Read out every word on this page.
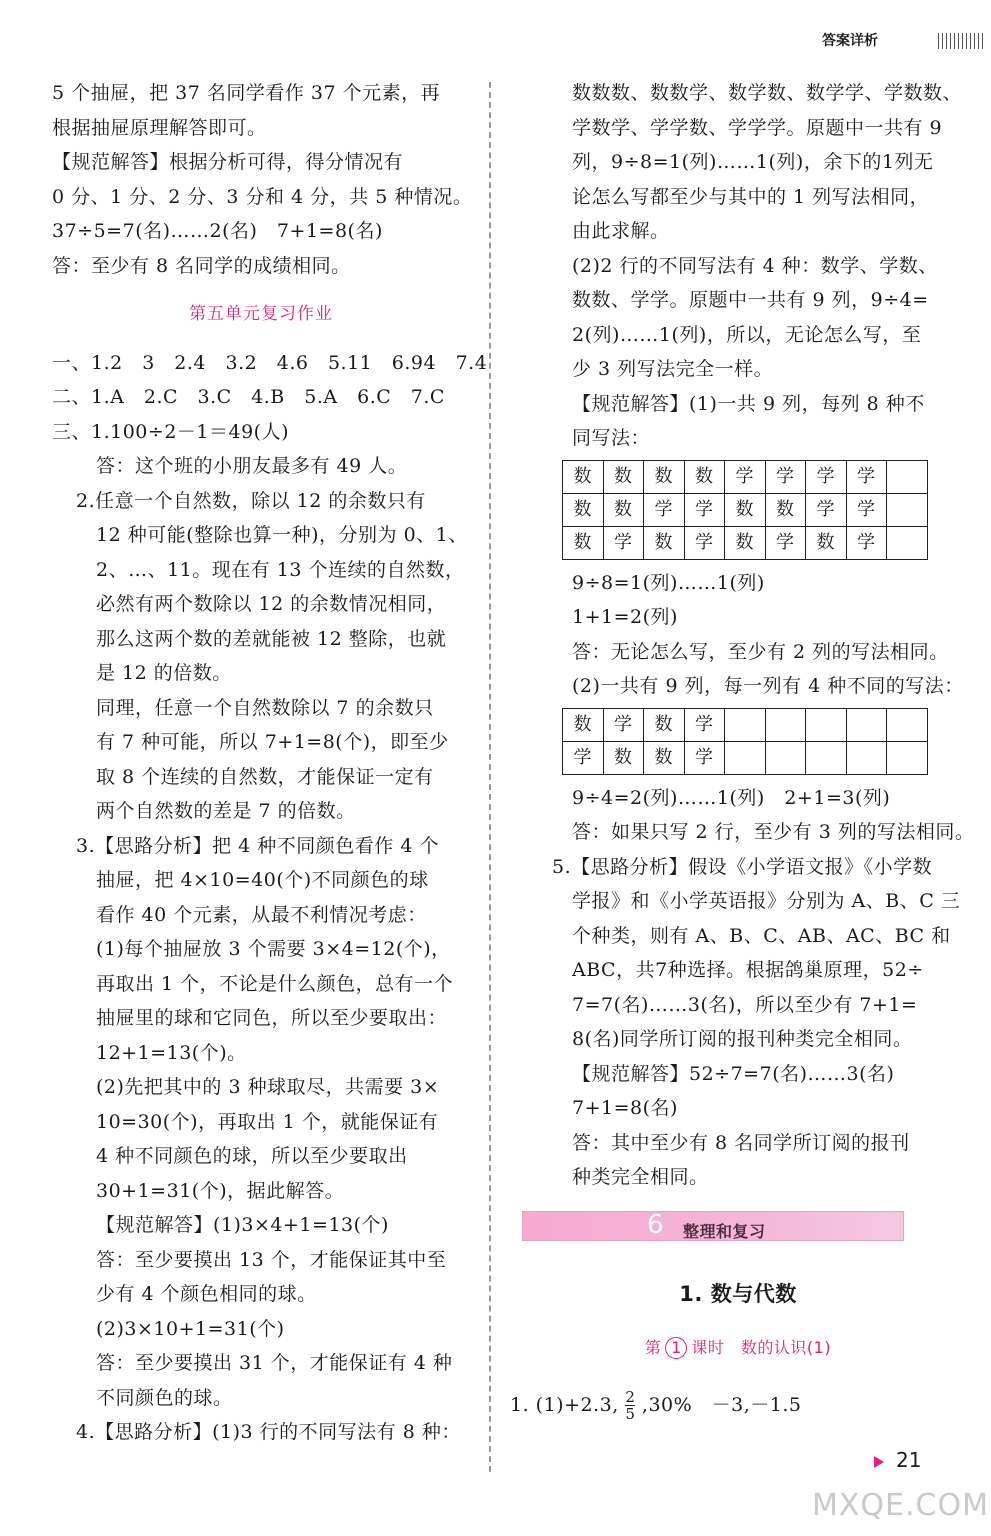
答案详析
5 个抽屉，把 37 名同学看作 37 个元素，再
根据抽屉原理解答即可。
【规范解答】根据分析可得，得分情况有
0 分、1 分、2 分、3 分和 4 分，共 5 种情况。
37÷5=7(名)……2(名)　7+1=8(名)
答：至少有 8 名同学的成绩相同。
第五单元复习作业
一、1.2　3　2.4　3.2　4.6　5.11　6.94　7.4
二、1.A　2.C　3.C　4.B　5.A　6.C　7.C
三、1.100÷2－1＝49(人)
答：这个班的小朋友最多有 49 人。
2.任意一个自然数，除以 12 的余数只有
12 种可能(整除也算一种)，分别为 0、1、
2、…、11。现在有 13 个连续的自然数，
必然有两个数除以 12 的余数情况相同，
那么这两个数的差就能被 12 整除，也就
是 12 的倍数。
同理，任意一个自然数除以 7 的余数只
有 7 种可能，所以 7+1=8(个)，即至少
取 8 个连续的自然数，才能保证一定有
两个自然数的差是 7 的倍数。
3.【思路分析】把 4 种不同颜色看作 4 个
抽屉，把 4×10=40(个)不同颜色的球
看作 40 个元素，从最不利情况考虑：
(1)每个抽屉放 3 个需要 3×4=12(个)，
再取出 1 个，不论是什么颜色，总有一个
抽屉里的球和它同色，所以至少要取出：
12+1=13(个)。
(2)先把其中的 3 种球取尽，共需要 3×
10=30(个)，再取出 1 个，就能保证有
4 种不同颜色的球，所以至少要取出
30+1=31(个)，据此解答。
【规范解答】(1)3×4+1=13(个)
答：至少要摸出 13 个，才能保证其中至
少有 4 个颜色相同的球。
(2)3×10+1=31(个)
答：至少要摸出 31 个，才能保证有 4 种
不同颜色的球。
4.【思路分析】(1)3 行的不同写法有 8 种：
数数数、数数学、数学数、数学学、学数数、
学数学、学学数、学学学。原题中一共有 9
列，9÷8=1(列)……1(列)，余下的1列无
论怎么写都至少与其中的 1 列写法相同，
由此求解。
(2)2 行的不同写法有 4 种：数学、学数、
数数、学学。原题中一共有 9 列，9÷4=
2(列)……1(列)，所以，无论怎么写，至
少 3 列写法完全一样。
【规范解答】(1)一共 9 列，每列 8 种不
同写法：
数	数	数	数	学	学	学	学	
数	数	学	学	数	数	学	学	
数	学	数	学	数	学	数	学	
9÷8=1(列)……1(列)
1+1=2(列)
答：无论怎么写，至少有 2 列的写法相同。
(2)一共有 9 列，每一列有 4 种不同的写法：
数	学	数	学					
学	数	数	学					
9÷4=2(列)……1(列)　2+1=3(列)
答：如果只写 2 行，至少有 3 列的写法相同。
5.【思路分析】假设《小学语文报》《小学数
学报》和《小学英语报》分别为 A、B、C 三
个种类，则有 A、B、C、AB、AC、BC 和
ABC，共7种选择。根据鸽巢原理，52÷
7=7(名)……3(名)，所以至少有 7+1=
8(名)同学所订阅的报刊种类完全相同。
【规范解答】52÷7=7(名)……3(名)
7+1=8(名)
答：其中至少有 8 名同学所订阅的报刊
种类完全相同。
6 整理和复习
1. 数与代数
第 1 课时　数的认识(1)
1. (1)+2.3, $\frac{2}{5} ,30\%$　－3,－1.5
21
MXQE.COM
